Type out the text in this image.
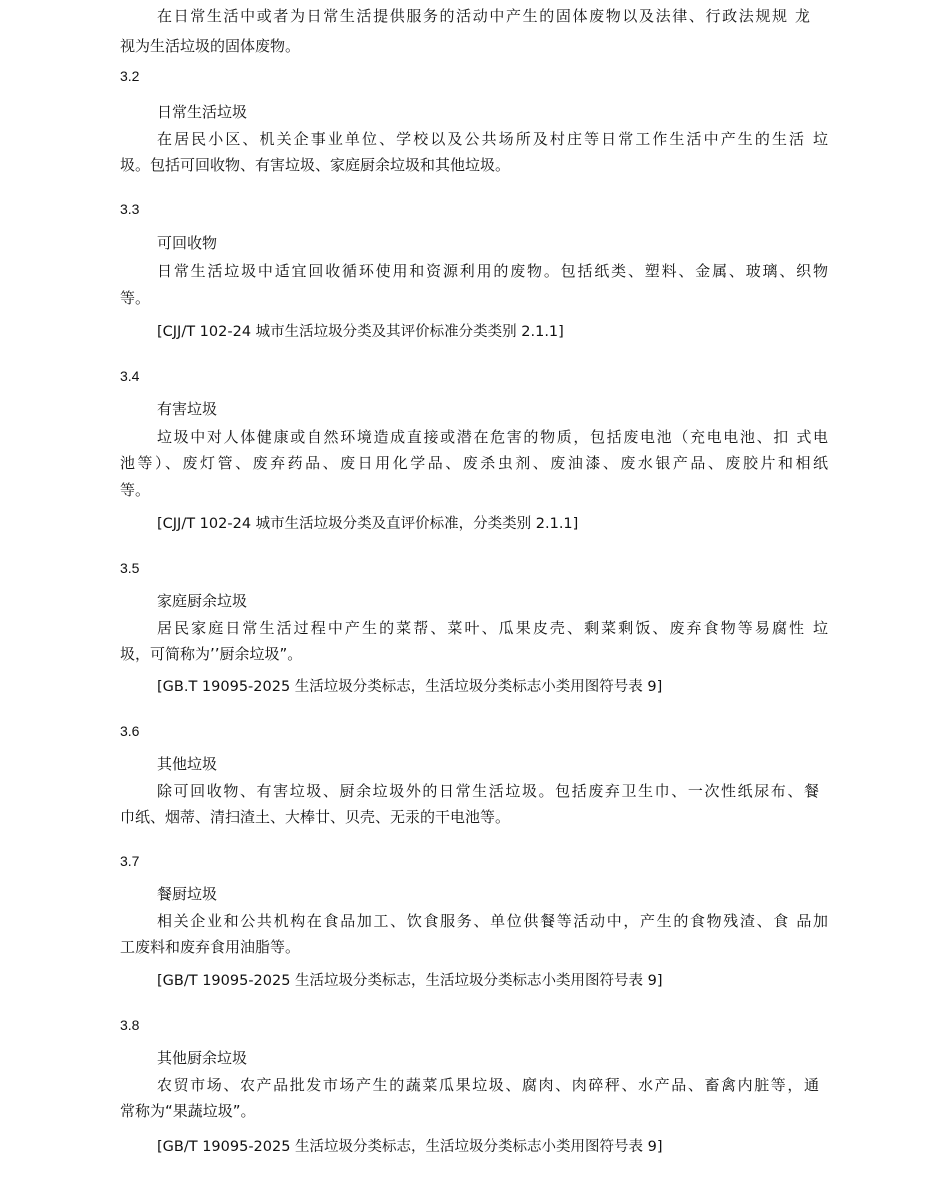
在日常生活中或者为日常生活提供服务的活动中产生的固体废物以及法律、行政法规规 龙

视为生活垃圾的固体废物。

3.2

日常生活垃圾

在居民小区、机关企事业单位、学校以及公共场所及村庄等日常工作生活中产生的生活 垃

圾。包括可回收物、有害垃圾、家庭厨余垃圾和其他垃圾。

3.3

可回收物

日常生活垃圾中适宜回收循环使用和资源利用的废物。包括纸类、塑料、金属、玻璃、织物

等。

[CJJ/T 102-24 城市生活垃圾分类及其评价标准分类类别 2.1.1]

3.4

有害垃圾

垃圾中对人体健康或自然环境造成直接或潜在危害的物质，包括废电池（充电电池、扣 式电

池等）、废灯管、废弃药品、废日用化学品、废杀虫剂、废油漆、废水银产品、废胶片和相纸

等。

[CJJ/T 102-24 城市生活垃圾分类及直评价标准，分类类别 2.1.1]

3.5

家庭厨余垃圾

居民家庭日常生活过程中产生的菜帮、菜叶、瓜果皮壳、剩菜剩饭、废弃食物等易腐性 垃

圾，可简称为’’厨余垃圾”。

[GB.T 19095-2025 生活垃圾分类标志，生活垃圾分类标志小类用图符号表 9]

3.6

其他垃圾

除可回收物、有害垃圾、厨余垃圾外的日常生活垃圾。包括废弃卫生巾、一次性纸尿布、餐

巾纸、烟蒂、清扫渣土、大棒廿、贝壳、无汞的干电池等。

3.7

餐厨垃圾

相关企业和公共机构在食品加工、饮食服务、单位供餐等活动中，产生的食物残渣、食 品加

工废料和废弃食用油脂等。

[GB/T 19095-2025 生活垃圾分类标志，生活垃圾分类标志小类用图符号表 9]

3.8

其他厨余垃圾

农贸市场、农产品批发市场产生的蔬菜瓜果垃圾、腐肉、肉碎秤、水产品、畜禽内脏等，通

常称为“果蔬垃圾”。

[GB/T 19095-2025 生活垃圾分类标志，生活垃圾分类标志小类用图符号表 9]
